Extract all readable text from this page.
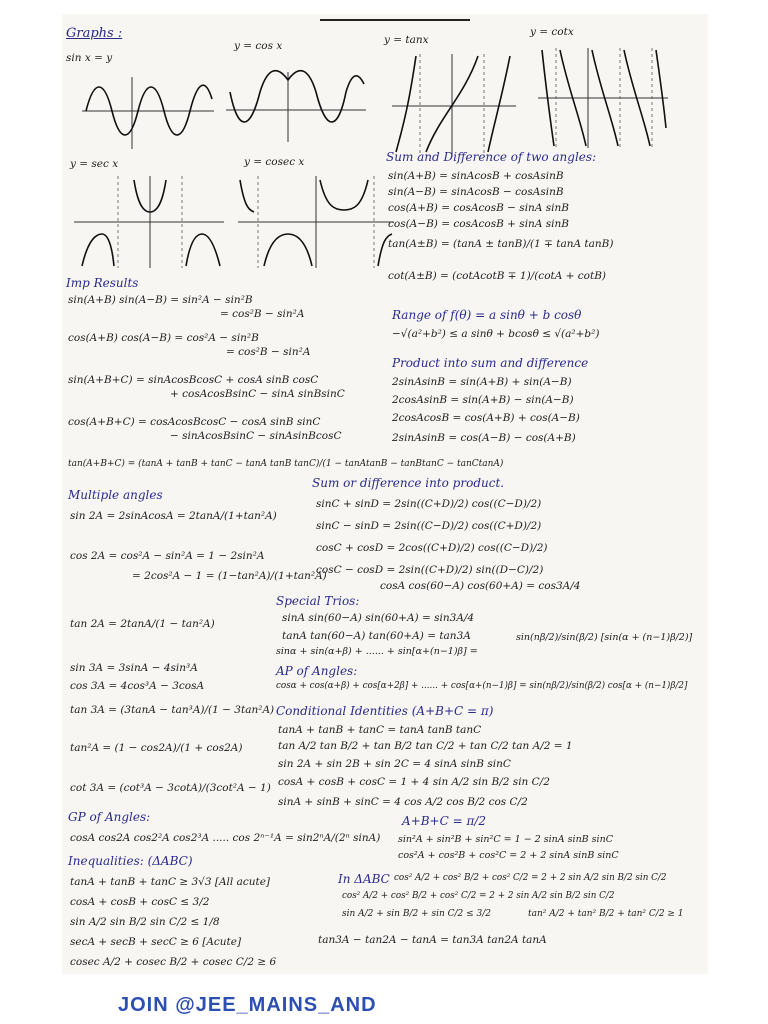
Graphs :
sin x = y
y = cos x	y = tanx
y = cotx
y = sec x	y = cosec x	Sum and Difference of two angles:
sin(A+B) = sinAcosB + cosAsinB
sin(A−B) = sinAcosB − cosAsinB
cos(A+B) = cosAcosB − sinA sinB
cos(A−B) = cosAcosB + sinA sinB
tan(A±B) = (tanA ± tanB)/(1 ∓ tanA tanB)
cot(A±B) = (cotAcotB ∓ 1)/(cotA + cotB)
Imp Results
sin(A+B) sin(A−B) = sin²A − sin²B
= cos²B − sin²A
cos(A+B) cos(A−B) = cos²A − sin²B
= cos²B − sin²A
sin(A+B+C) = sinAcosBcosC + cosA sinB cosC
+ cosAcosBsinC − sinA sinBsinC
cos(A+B+C) = cosAcosBcosC − cosA sinB sinC
− sinAcosBsinC − sinAsinBcosC
tan(A+B+C) = (tanA + tanB + tanC − tanA tanB tanC)/(1 − tanAtanB − tanBtanC − tanCtanA)
Range of f(θ) = a sinθ + b cosθ
−√(a²+b²) ≤ a sinθ + bcosθ ≤ √(a²+b²)
Product into sum and difference
2sinAsinB = sin(A+B) + sin(A−B)
2cosAsinB = sin(A+B) − sin(A−B)
2cosAcosB = cos(A+B) + cos(A−B)
2sinAsinB = cos(A−B) − cos(A+B)
Multiple angles
sin 2A = 2sinAcosA = 2tanA/(1+tan²A)
cos 2A = cos²A − sin²A = 1 − 2sin²A
= 2cos²A − 1 = (1−tan²A)/(1+tan²A)
tan 2A = 2tanA/(1 − tan²A)
sin 3A = 3sinA − 4sin³A
cos 3A = 4cos³A − 3cosA
tan 3A = (3tanA − tan³A)/(1 − 3tan²A)
tan²A = (1 − cos2A)/(1 + cos2A)
cot 3A = (cot³A − 3cotA)/(3cot²A − 1)
Sum or difference into product.
sinC + sinD = 2sin((C+D)/2) cos((C−D)/2)
sinC − sinD = 2sin((C−D)/2) cos((C+D)/2)
cosC + cosD = 2cos((C+D)/2) cos((C−D)/2)
cosC − cosD = 2sin((C+D)/2) sin((D−C)/2)
Special Trios:
cosA cos(60−A) cos(60+A) = cos3A/4
sinA sin(60−A) sin(60+A) = sin3A/4
tanA tan(60−A) tan(60+A) = tan3A	sin(nβ/2)/sin(β/2) [sin(α + (n−1)β/2)]
AP of Angles:
sinα + sin(α+β) + ...... + sin[α+(n−1)β] =
cosα + cos(α+β) + cos[α+2β] + ...... + cos[α+(n−1)β] = sin(nβ/2)/sin(β/2) cos[α + (n−1)β/2]
Conditional Identities (A+B+C = π)
tanA + tanB + tanC = tanA tanB tanC
tan A/2 tan B/2 + tan B/2 tan C/2 + tan C/2 tan A/2 = 1
sin 2A + sin 2B + sin 2C = 4 sinA sinB sinC
cosA + cosB + cosC = 1 + 4 sin A/2 sin B/2 sin C/2
sinA + sinB + sinC = 4 cos A/2 cos B/2 cos C/2
GP of Angles:
cosA cos2A cos2²A cos2³A ..... cos 2ⁿ⁻¹A = sin2ⁿA/(2ⁿ sinA)
A+B+C = π/2
sin²A + sin²B + sin²C = 1 − 2 sinA sinB sinC
cos²A + cos²B + cos²C = 2 + 2 sinA sinB sinC
Inequalities: (ΔABC)
tanA + tanB + tanC ≥ 3√3 [All acute]
cosA + cosB + cosC ≤ 3/2
sin A/2 sin B/2 sin C/2 ≤ 1/8
secA + secB + secC ≥ 6 [Acute]
cosec A/2 + cosec B/2 + cosec C/2 ≥ 6
In ΔABC cos² A/2 + cos² B/2 + cos² C/2 = 2 + 2 sin A/2 sin B/2 sin C/2
cos² A/2 + cos² B/2 + cos² C/2 = 2 + 2 sin A/2 sin B/2 sin C/2
sin A/2 + sin B/2 + sin C/2 ≤ 3/2	tan² A/2 + tan² B/2 + tan² C/2 ≥ 1
tan3A − tan2A − tanA = tan3A tan2A tanA
JOIN @JEE_MAINS_AND
